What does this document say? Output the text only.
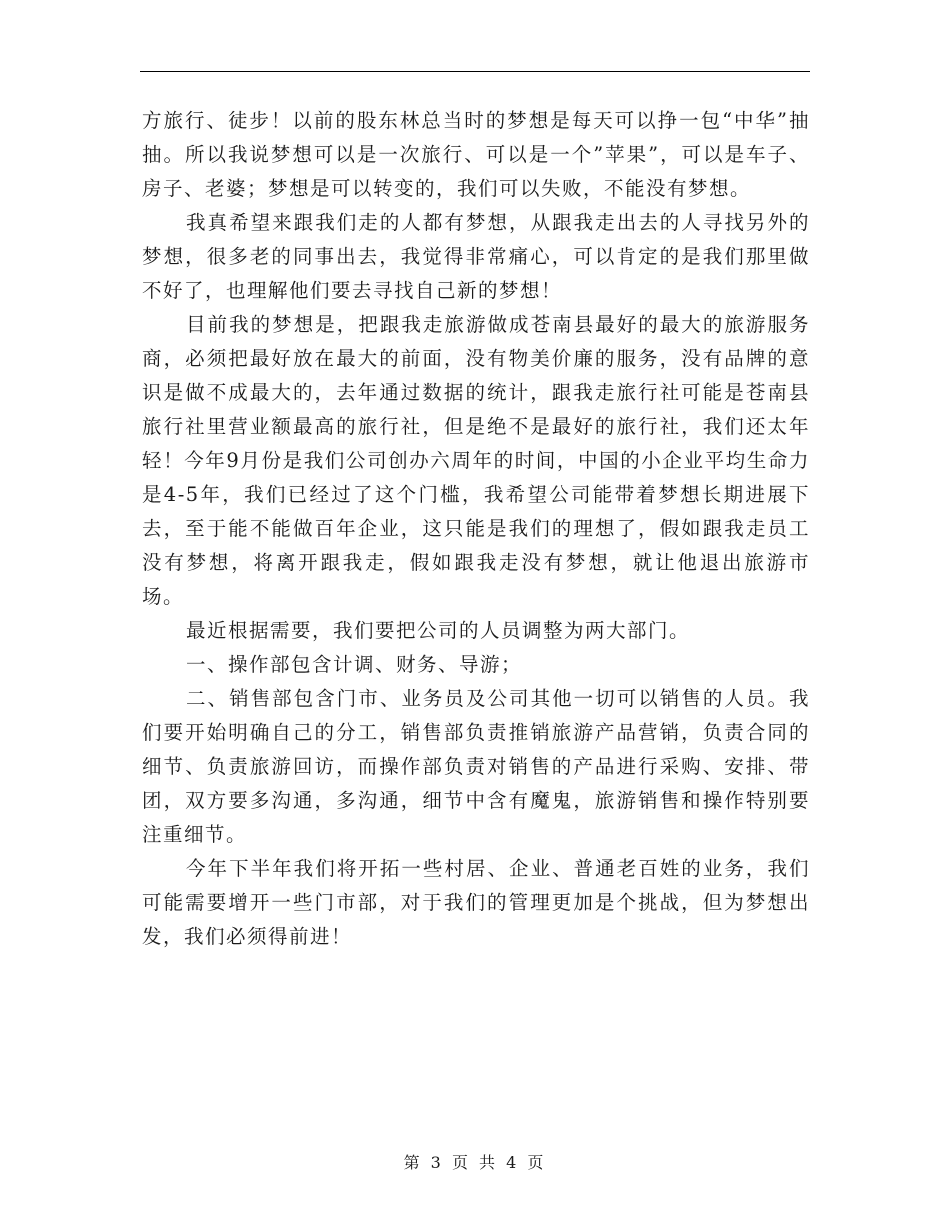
方旅行、徒步！以前的股东林总当时的梦想是每天可以挣一包“中华”抽抽。所以我说梦想可以是一次旅行、可以是一个”苹果”，可以是车子、房子、老婆；梦想是可以转变的，我们可以失败，不能没有梦想。

我真希望来跟我们走的人都有梦想，从跟我走出去的人寻找另外的梦想，很多老的同事出去，我觉得非常痛心，可以肯定的是我们那里做不好了，也理解他们要去寻找自己新的梦想！

目前我的梦想是，把跟我走旅游做成苍南县最好的最大的旅游服务商，必须把最好放在最大的前面，没有物美价廉的服务，没有品牌的意识是做不成最大的，去年通过数据的统计，跟我走旅行社可能是苍南县旅行社里营业额最高的旅行社，但是绝不是最好的旅行社，我们还太年轻！今年9月份是我们公司创办六周年的时间，中国的小企业平均生命力是4-5年，我们已经过了这个门槛，我希望公司能带着梦想长期进展下去，至于能不能做百年企业，这只能是我们的理想了，假如跟我走员工没有梦想，将离开跟我走，假如跟我走没有梦想，就让他退出旅游市场。

最近根据需要，我们要把公司的人员调整为两大部门。

一、操作部包含计调、财务、导游；

二、销售部包含门市、业务员及公司其他一切可以销售的人员。我们要开始明确自己的分工，销售部负责推销旅游产品营销，负责合同的细节、负责旅游回访，而操作部负责对销售的产品进行采购、安排、带团，双方要多沟通，多沟通，细节中含有魔鬼，旅游销售和操作特别要注重细节。

今年下半年我们将开拓一些村居、企业、普通老百姓的业务，我们可能需要增开一些门市部，对于我们的管理更加是个挑战，但为梦想出发，我们必须得前进！

第 3 页 共 4 页
